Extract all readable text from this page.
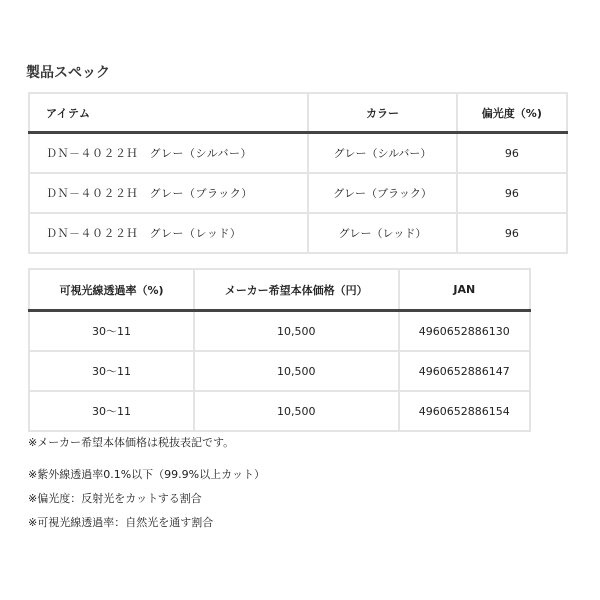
製品スペック
アイテム	カラー	偏光度（%)
ＤＮ－４０２２Ｈ　グレー（シルバー）	グレー（シルバー）	96
ＤＮ－４０２２Ｈ　グレー（ブラック）	グレー（ブラック）	96
ＤＮ－４０２２Ｈ　グレー（レッド）	グレー（レッド）	96
可視光線透過率（%)	メーカー希望本体価格（円）	JAN
30〜11	10,500	4960652886130
30〜11	10,500	4960652886147
30〜11	10,500	4960652886154
※メーカー希望本体価格は税抜表記です。
※紫外線透過率0.1%以下（99.9%以上カット）
※偏光度：反射光をカットする割合
※可視光線透過率：自然光を通す割合
